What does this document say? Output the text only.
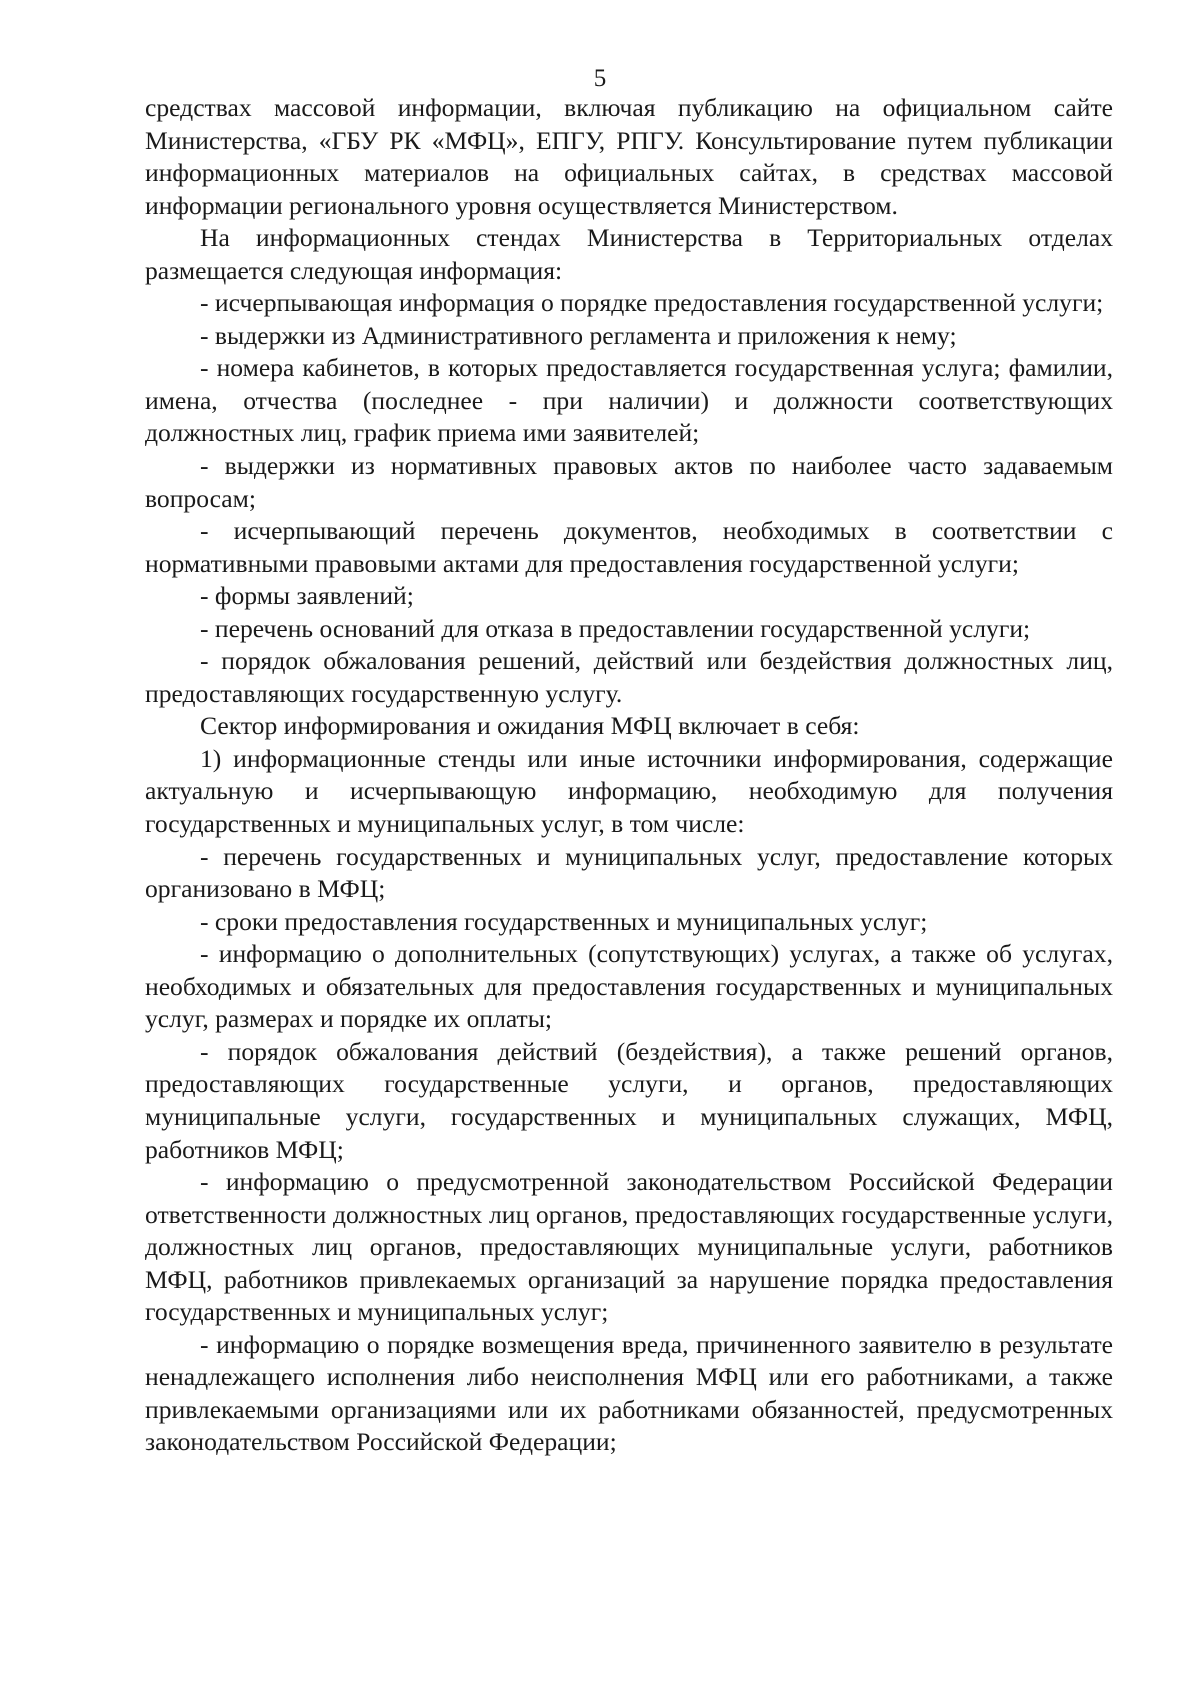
5

средствах массовой информации, включая публикацию на официальном сайте Министерства, «ГБУ РК «МФЦ», ЕПГУ, РПГУ. Консультирование путем публикации информационных материалов на официальных сайтах, в средствах массовой информации регионального уровня осуществляется Министерством.

На информационных стендах Министерства в Территориальных отделах размещается следующая информация:

- исчерпывающая информация о порядке предоставления государственной услуги;

- выдержки из Административного регламента и приложения к нему;

- номера кабинетов, в которых предоставляется государственная услуга; фамилии, имена, отчества (последнее - при наличии) и должности соответствующих должностных лиц, график приема ими заявителей;

- выдержки из нормативных правовых актов по наиболее часто задаваемым вопросам;

- исчерпывающий перечень документов, необходимых в соответствии с нормативными правовыми актами для предоставления государственной услуги;

- формы заявлений;

- перечень оснований для отказа в предоставлении государственной услуги;

- порядок обжалования решений, действий или бездействия должностных лиц, предоставляющих государственную услугу.

Сектор информирования и ожидания МФЦ включает в себя:

1) информационные стенды или иные источники информирования, содержащие актуальную и исчерпывающую информацию, необходимую для получения государственных и муниципальных услуг, в том числе:

- перечень государственных и муниципальных услуг, предоставление которых организовано в МФЦ;

- сроки предоставления государственных и муниципальных услуг;

- информацию о дополнительных (сопутствующих) услугах, а также об услугах, необходимых и обязательных для предоставления государственных и муниципальных услуг, размерах и порядке их оплаты;

- порядок обжалования действий (бездействия), а также решений органов, предоставляющих государственные услуги, и органов, предоставляющих муниципальные услуги, государственных и муниципальных служащих, МФЦ, работников МФЦ;

- информацию о предусмотренной законодательством Российской Федерации ответственности должностных лиц органов, предоставляющих государственные услуги, должностных лиц органов, предоставляющих муниципальные услуги, работников МФЦ, работников привлекаемых организаций за нарушение порядка предоставления государственных и муниципальных услуг;

- информацию о порядке возмещения вреда, причиненного заявителю в результате ненадлежащего исполнения либо неисполнения МФЦ или его работниками, а также привлекаемыми организациями или их работниками обязанностей, предусмотренных законодательством Российской Федерации;
